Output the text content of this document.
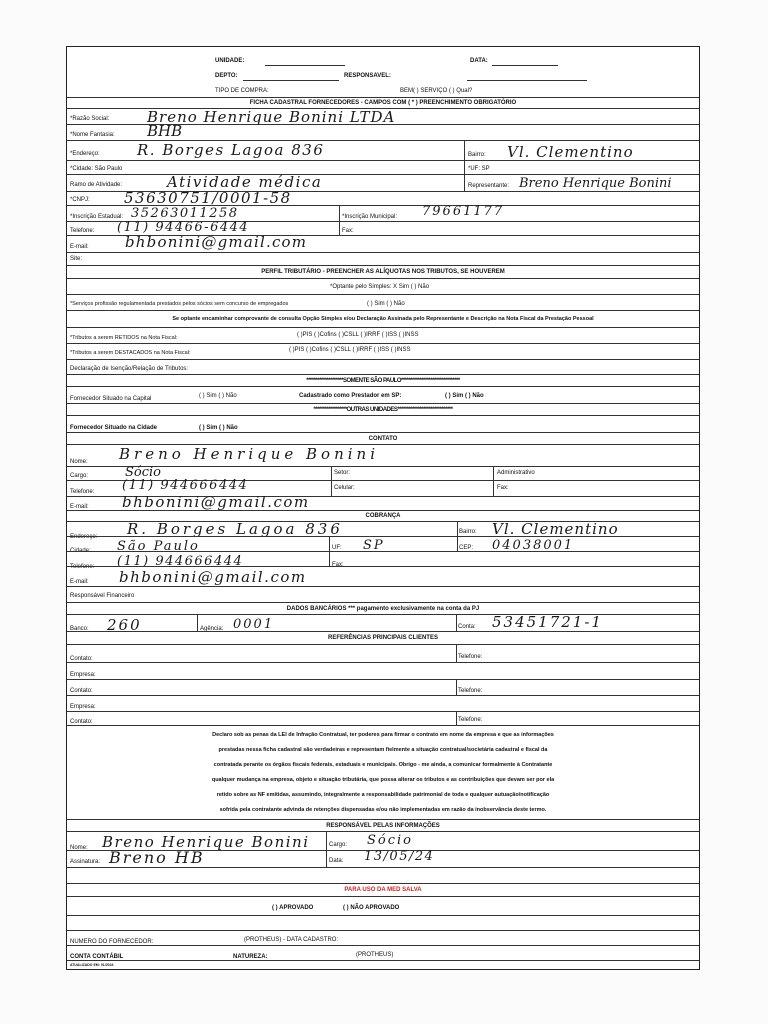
UNIDADE:	DATA:
DEPTO:	RESPONSAVEL:
TIPO DE COMPRA:	BEM( ) SERVIÇO ( ) Qual?
FICHA CADASTRAL FORNECEDORES - CAMPOS COM ( * ) PREENCHIMENTO OBRIGATÓRIO
*Razão Social:	Breno Henrique Bonini LTDA
*Nome Fantasia: BHB
*Endereço: R. Borges Lagoa 836	Bairro: Vl. Clementino
*Cidade: São Paulo	*UF: SP
Ramo de Atividade:	Atividade médica	Representante: Breno Henrique Bonini
*CNPJ: 53630751/0001-58
*Inscrição Estadual: 35263011258	*Inscrição Municipal: 79661177
Telefone: (11) 94466-6444	Fax:
E-mail: bhbonini@gmail.com
Site:
PERFIL TRIBUTÁRIO - PREENCHER AS ALÍQUOTAS NOS TRIBUTOS, SE HOUVEREM
*Optante pelo Simples: X Sim ( ) Não
*Serviços profissão regulamentada prestados pelos sócios sem concurso de empregados	( ) Sim ( ) Não
Se optante encaminhar comprovante de consulta Opção Simples e/ou Declaração Assinada pelo Representante e Descrição na Nota Fiscal da Prestação Pessoal
*Tributos a serem RETIDOS na Nota Fiscal:	( )PIS ( )Cofins ( )CSLL ( )IRRF ( )ISS ( )INSS
*Tributos a serem DESTACADOS na Nota Fiscal:	( )PIS ( )Cofins ( )CSLL ( )IRRF ( )ISS ( )INSS
Declaração de Isenção/Relação de Tributos:
********************SOMENTE SÃO PAULO********************************
Fornecedor Situado na Capital	( ) Sim ( ) Não	Cadastrado como Prestador em SP:	( ) Sim ( ) Não
******************OUTRAS UNIDADES******************************
Fornecedor Situado na Cidade	( ) Sim ( ) Não
CONTATO
Nome: Breno Henrique Bonini
Cargo:	Sócio	Setor:	Administrativo
Telefone: (11) 944666444	Celular:	Fax:
E-mail: bhbonini@gmail.com
COBRANÇA
Endereço: R. Borges Lagoa 836	Bairro: Vl. Clementino
Cidade: São Paulo	UF: SP	CEP: 04038001
Telefone: (11) 944666444	Fax:
E-mail: bhbonini@gmail.com
Responsável Financeiro
DADOS BANCÁRIOS *** pagamento exclusivamente na conta da PJ
Banco: 260	Agência: 0001	Conta: 53451721-1
REFERÊNCIAS PRINCIPAIS CLIENTES
Contato:	Telefone:
Empresa:
Contato:	Telefone:
Empresa:
Contato:	Telefone:
Declaro sob as penas da LEI de Infração Contratual, ter poderes para firmar o contrato em nome da empresa e que as informações
prestadas nessa ficha cadastral são verdadeiras e representam fielmente a situação contratual/societária cadastral e fiscal da
contratada perante os órgãos fiscais federais, estaduais e municipais. Obrigo - me ainda, a comunicar formalmente à Contratante
qualquer mudança na empresa, objeto e situação tributária, que possa alterar os tributos e as contribuições que devam ser por ela
retido sobre as NF emitidas, assumindo, integralmente a responsabilidade patrimonial de toda e qualquer autuação/notificação
sofrida pela contratante advinda de retenções dispensadas e/ou não implementadas em razão da inobservância deste termo.
RESPONSÁVEL PELAS INFORMAÇÕES
Nome: Breno Henrique Bonini	Cargo: Sócio
Assinatura: Breno HB	Data: 13/05/24
PARA USO DA MED SALVA
( ) APROVADO	( ) NÃO APROVADO
NUMERO DO FORNECEDOR:	(PROTHEUS) - DATA CADASTRO:
CONTA CONTÁBIL	NATUREZA:	(PROTHEUS)
ATUALIZADO EM: 01/2024
